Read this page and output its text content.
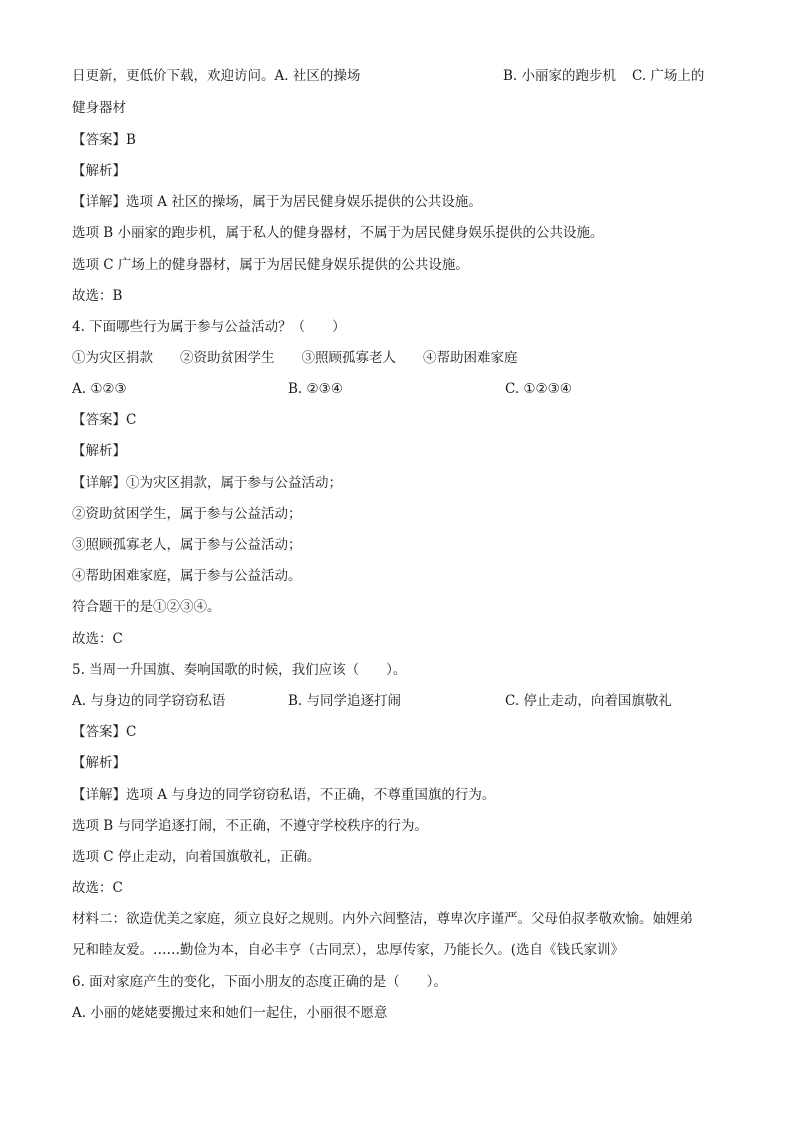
日更新，更低价下载，欢迎访问。A. 社区的操场	B. 小丽家的跑步机 C. 广场上的
健身器材
【答案】B
【解析】
【详解】选项 A 社区的操场，属于为居民健身娱乐提供的公共设施。
选项 B 小丽家的跑步机，属于私人的健身器材，不属于为居民健身娱乐提供的公共设施。
选项 C 广场上的健身器材，属于为居民健身娱乐提供的公共设施。
故选：B
4. 下面哪些行为属于参与公益活动？（　　）
①为灾区捐款　　②资助贫困学生　　③照顾孤寡老人　　④帮助困难家庭
A. ①②③	B. ②③④	C. ①②③④
【答案】C
【解析】
【详解】①为灾区捐款，属于参与公益活动；
②资助贫困学生，属于参与公益活动；
③照顾孤寡老人，属于参与公益活动；
④帮助困难家庭，属于参与公益活动。
符合题干的是①②③④。
故选：C
5. 当周一升国旗、奏响国歌的时候，我们应该（　　）。
A. 与身边的同学窃窃私语	B. 与同学追逐打闹	C. 停止走动，向着国旗敬礼
【答案】C
【解析】
【详解】选项 A 与身边的同学窃窃私语，不正确，不尊重国旗的行为。
选项 B 与同学追逐打闹，不正确，不遵守学校秩序的行为。
选项 C 停止走动，向着国旗敬礼，正确。
故选：C
材料二：欲造优美之家庭，须立良好之规则。内外六闾整洁，尊卑次序谨严。父母伯叔孝敬欢愉。妯娌弟
兄和睦友爱。……勤俭为本，自必丰亨（古同烹），忠厚传家，乃能长久。(选自《钱氏家训》
6. 面对家庭产生的变化，下面小朋友的态度正确的是（　　）。
A. 小丽的姥姥要搬过来和她们一起住，小丽很不愿意
